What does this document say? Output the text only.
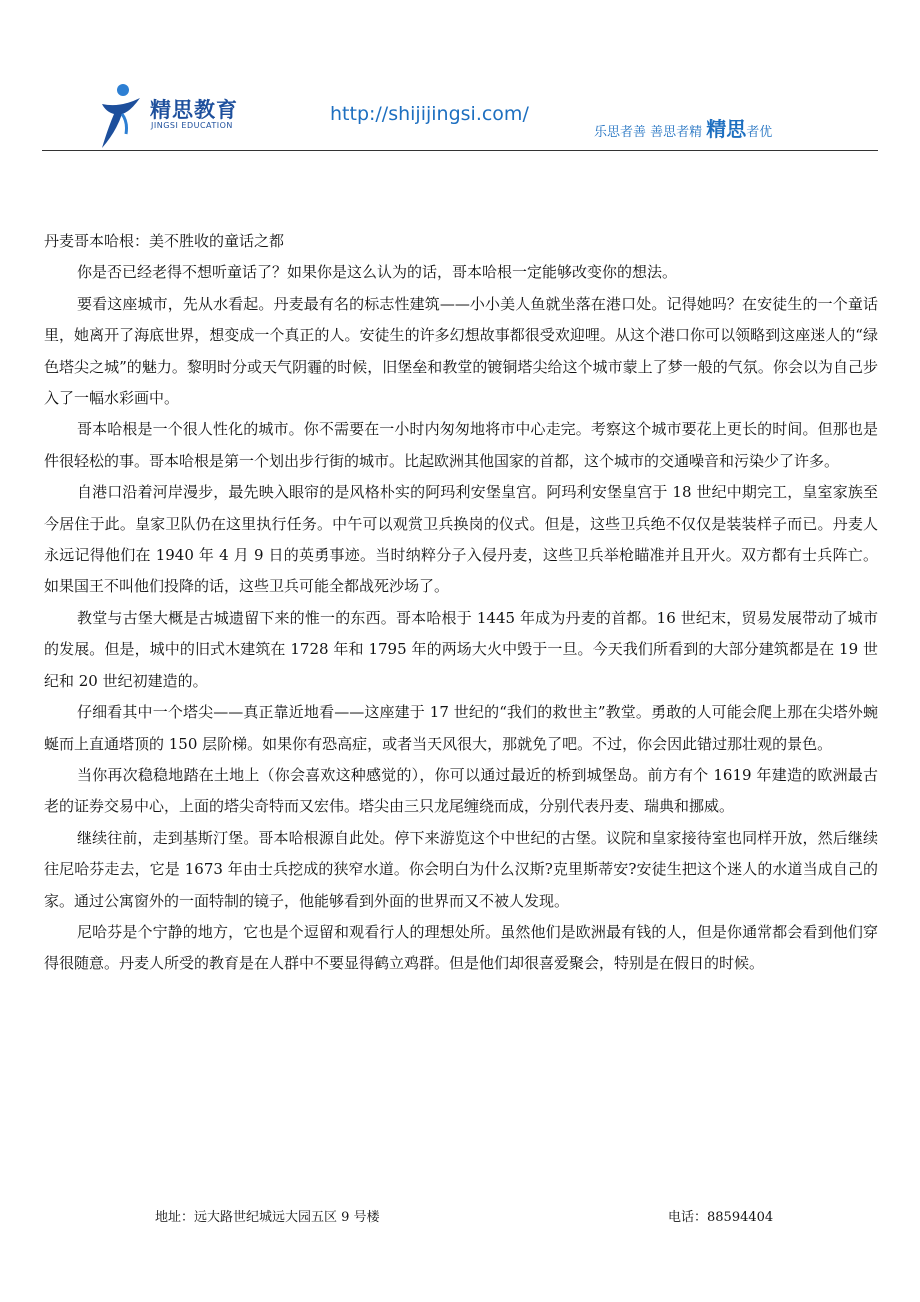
精思教育
JINGSI EDUCATION
http://shijijingsi.com/
乐思者善 善思者精 精思者优

丹麦哥本哈根：美不胜收的童话之都

你是否已经老得不想听童话了？如果你是这么认为的话，哥本哈根一定能够改变你的想法。

要看这座城市，先从水看起。丹麦最有名的标志性建筑——小小美人鱼就坐落在港口处。记得她吗？在安徒生的一个童话里，她离开了海底世界，想变成一个真正的人。安徒生的许多幻想故事都很受欢迎哩。从这个港口你可以领略到这座迷人的“绿色塔尖之城”的魅力。黎明时分或天气阴霾的时候，旧堡垒和教堂的镀铜塔尖给这个城市蒙上了梦一般的气氛。你会以为自己步入了一幅水彩画中。

哥本哈根是一个很人性化的城市。你不需要在一小时内匆匆地将市中心走完。考察这个城市要花上更长的时间。但那也是件很轻松的事。哥本哈根是第一个划出步行街的城市。比起欧洲其他国家的首都，这个城市的交通噪音和污染少了许多。

自港口沿着河岸漫步，最先映入眼帘的是风格朴实的阿玛利安堡皇宫。阿玛利安堡皇宫于 18 世纪中期完工，皇室家族至今居住于此。皇家卫队仍在这里执行任务。中午可以观赏卫兵换岗的仪式。但是，这些卫兵绝不仅仅是装装样子而已。丹麦人永远记得他们在 1940 年 4 月 9 日的英勇事迹。当时纳粹分子入侵丹麦，这些卫兵举枪瞄准并且开火。双方都有士兵阵亡。如果国王不叫他们投降的话，这些卫兵可能全都战死沙场了。

教堂与古堡大概是古城遗留下来的惟一的东西。哥本哈根于 1445 年成为丹麦的首都。16 世纪末，贸易发展带动了城市的发展。但是，城中的旧式木建筑在 1728 年和 1795 年的两场大火中毁于一旦。今天我们所看到的大部分建筑都是在 19 世纪和 20 世纪初建造的。

仔细看其中一个塔尖——真正靠近地看——这座建于 17 世纪的“我们的救世主”教堂。勇敢的人可能会爬上那在尖塔外蜿蜒而上直通塔顶的 150 层阶梯。如果你有恐高症，或者当天风很大，那就免了吧。不过，你会因此错过那壮观的景色。

当你再次稳稳地踏在土地上（你会喜欢这种感觉的），你可以通过最近的桥到城堡岛。前方有个 1619 年建造的欧洲最古老的证券交易中心，上面的塔尖奇特而又宏伟。塔尖由三只龙尾缠绕而成，分别代表丹麦、瑞典和挪威。

继续往前，走到基斯汀堡。哥本哈根源自此处。停下来游览这个中世纪的古堡。议院和皇家接待室也同样开放，然后继续往尼哈芬走去，它是 1673 年由士兵挖成的狭窄水道。你会明白为什么汉斯?克里斯蒂安?安徒生把这个迷人的水道当成自己的家。通过公寓窗外的一面特制的镜子，他能够看到外面的世界而又不被人发现。

尼哈芬是个宁静的地方，它也是个逗留和观看行人的理想处所。虽然他们是欧洲最有钱的人，但是你通常都会看到他们穿得很随意。丹麦人所受的教育是在人群中不要显得鹤立鸡群。但是他们却很喜爱聚会，特别是在假日的时候。

地址：远大路世纪城远大园五区 9 号楼	电话：88594404
